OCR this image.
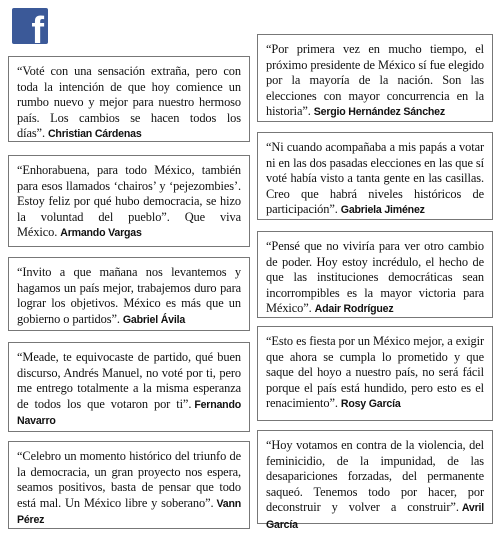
f
“Voté con una sensación extraña, pero con toda la intención de que hoy comience un rumbo nuevo y mejor para nuestro hermoso país. Los cambios se hacen todos los días”. Christian Cárdenas
“Enhorabuena, para todo México, también para esos llamados ‘chairos’ y ‘pejezombies’. Estoy feliz por qué hubo democracia, se hizo la voluntad del pueblo”. Que viva México. Armando Vargas
“Invito a que mañana nos levantemos y hagamos un país mejor, trabajemos duro para lograr los objetivos. México es más que un gobierno o partidos”. Gabriel Ávila
“Meade, te equivocaste de partido, qué buen discurso, Andrés Manuel, no voté por ti, pero me entrego totalmente a la misma esperanza de todos los que votaron por ti”. Fernando Navarro
“Celebro un momento histórico del triunfo de la democracia, un gran proyecto nos espera, seamos positivos, basta de pensar que todo está mal. Un México libre y soberano”. Vann Pérez
“Por primera vez en mucho tiempo, el próximo presidente de México sí fue elegido por la mayoría de la nación. Son las elecciones con mayor concurrencia en la historia”. Sergio Hernández Sánchez
“Ni cuando acompañaba a mis papás a votar ni en las dos pasadas elecciones en las que sí voté había visto a tanta gente en las casillas. Creo que habrá niveles históricos de participación”. Gabriela Jiménez
“Pensé que no viviría para ver otro cambio de poder. Hoy estoy incrédulo, el hecho de que las instituciones democráticas sean incorrompibles es la mayor victoria para México”. Adair Rodríguez
“Esto es fiesta por un México mejor, a exigir que ahora se cumpla lo prometido y que saque del hoyo a nuestro país, no será fácil porque el país está hundido, pero esto es el renacimiento”. Rosy García
“Hoy votamos en contra de la violencia, del feminicidio, de la impunidad, de las desapariciones forzadas, del permanente saqueó. Tenemos todo por hacer, por deconstruir y volver a construir”. Avril García
